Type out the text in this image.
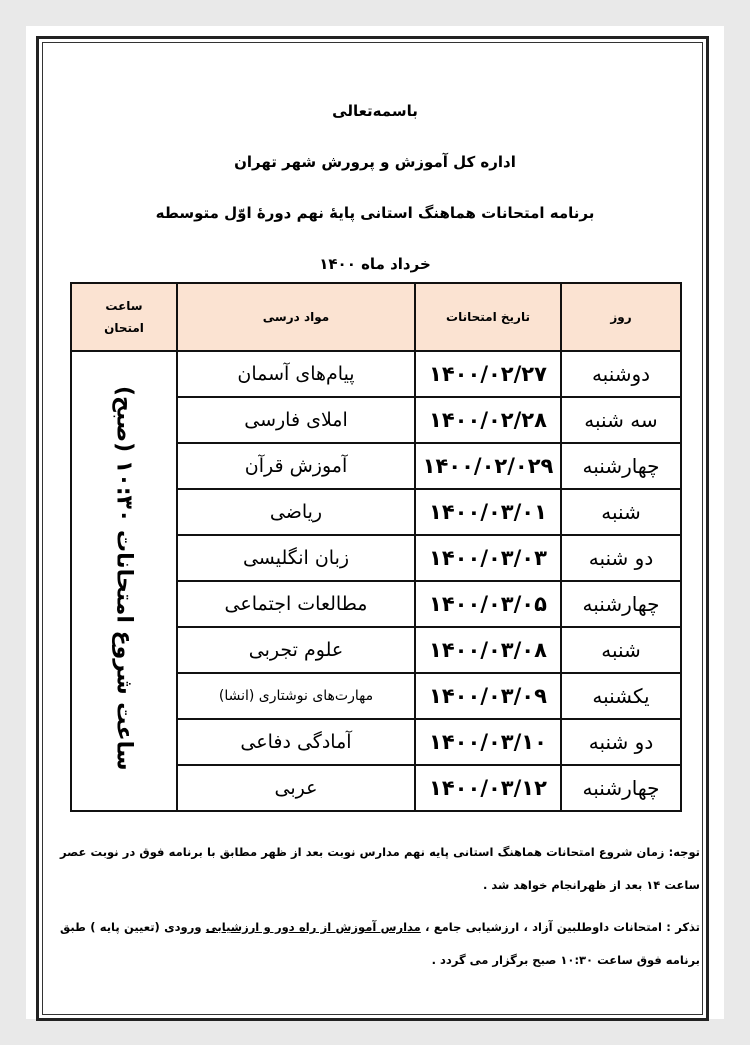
باسمه‌تعالی
اداره کل آموزش و پرورش شهر تهران
برنامه امتحانات هماهنگ استانی پایهٔ نهم دورهٔ اوّل متوسطه
خرداد ماه ۱۴۰۰
روز	تاریخ امتحانات	مواد درسی	ساعت امتحان
دوشنبه	۱۴۰۰/۰۲/۲۷	پیام‌های آسمان	ساعت شروع امتحانات ۱۰:۳۰ (صبح)
سه شنبه	۱۴۰۰/۰۲/۲۸	املای فارسی	
چهارشنبه	۱۴۰۰/۰۲/۰۲۹	آموزش قرآن	
شنبه	۱۴۰۰/۰۳/۰۱	ریاضی	
دو شنبه	۱۴۰۰/۰۳/۰۳	زبان انگلیسی	
چهارشنبه	۱۴۰۰/۰۳/۰۵	مطالعات اجتماعی	
شنبه	۱۴۰۰/۰۳/۰۸	علوم تجربی	
یکشنبه	۱۴۰۰/۰۳/۰۹	مهارت‌های نوشتاری (انشا)	
دو شنبه	۱۴۰۰/۰۳/۱۰	آمادگی دفاعی	
چهارشنبه	۱۴۰۰/۰۳/۱۲	عربی	
توجه: زمان شروع امتحانات هماهنگ استانی پایه نهم مدارس نوبت بعد از ظهر مطابق با برنامه فوق در نوبت عصر ساعت ۱۴ بعد از ظهرانجام خواهد شد .
تذکر : امتحانات داوطلبین آزاد ، ارزشیابی جامع ، مدارس آموزش از راه دور و ارزشیابی ورودی (تعیین پایه ) طبق برنامه فوق ساعت ۱۰:۳۰ صبح برگزار می گردد .
